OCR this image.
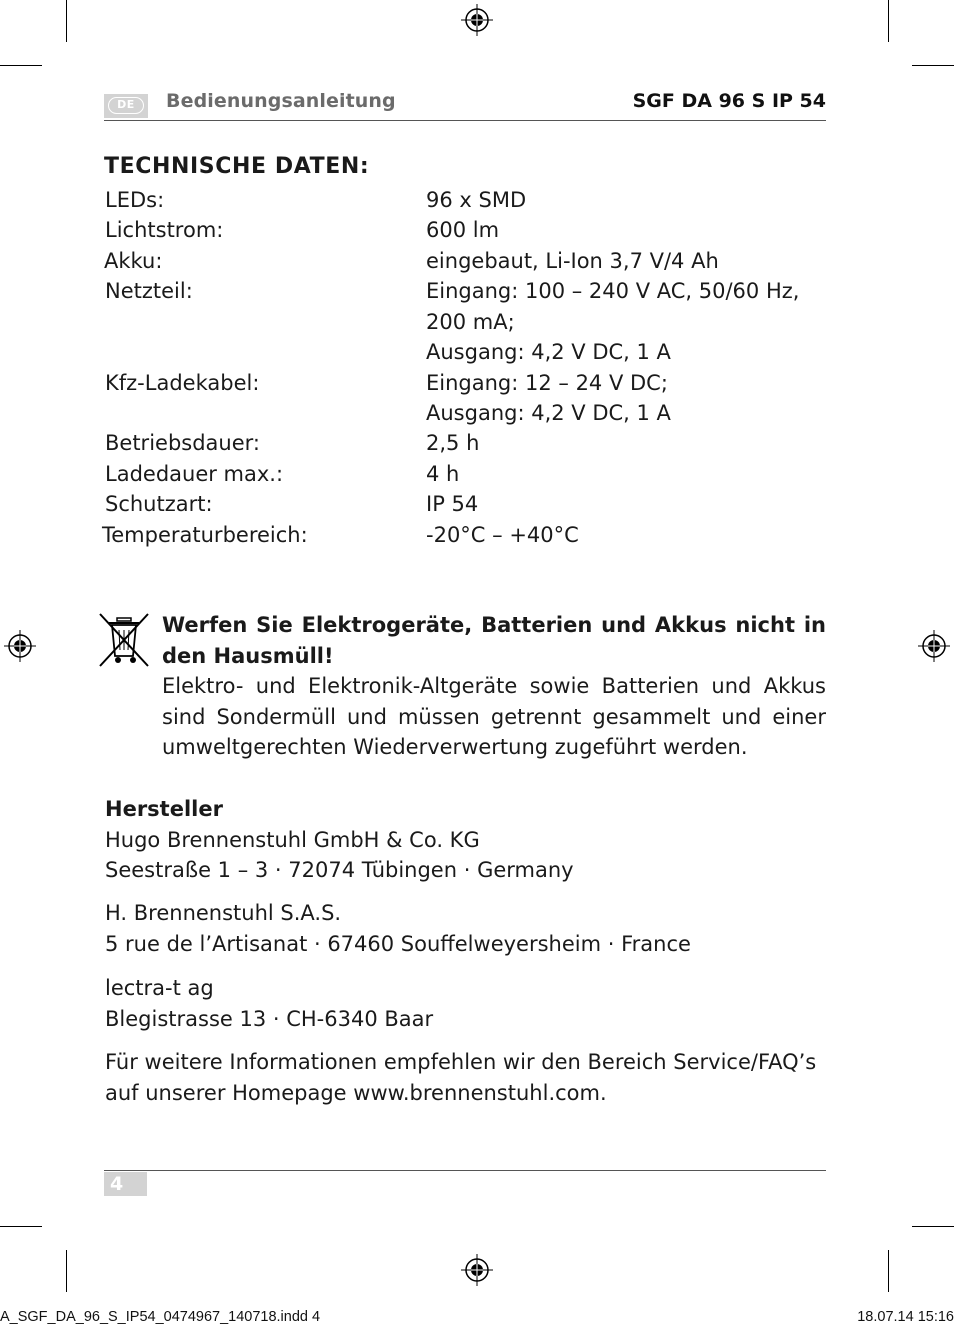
DE	Bedienungsanleitung	SGF DA 96 S IP 54
TECHNISCHE DATEN:
LEDs:	96 x SMD
Lichtstrom:	600 lm
Akku:	eingebaut, Li-Ion 3,7 V/4 Ah
Netzteil:	Eingang: 100 – 240 V AC, 50/60 Hz,
200 mA;
Ausgang: 4,2 V DC, 1 A
Kfz-Ladekabel:	Eingang: 12 – 24 V DC;
Ausgang: 4,2 V DC, 1 A
Betriebsdauer:	2,5 h
Ladedauer max.:	4 h
Schutzart:	IP 54
Temperaturbereich:	-20°C – +40°C
Werfen Sie Elektrogeräte, Batterien und Akkus nicht in den Hausmüll!
Elektro- und Elektronik-Altgeräte sowie Batterien und Akkus sind Sondermüll und müssen getrennt gesammelt und einer umweltgerechten Wiederverwertung zugeführt werden.
Hersteller
Hugo Brennenstuhl GmbH & Co. KG
Seestraße 1 – 3 · 72074 Tübingen · Germany
H. Brennenstuhl S.A.S.
5 rue de l’Artisanat · 67460 Souffelweyersheim · France
lectra-t ag
Blegistrasse 13 · CH-6340 Baar
Für weitere Informationen empfehlen wir den Bereich Service/FAQ’s
auf unserer Homepage www.brennenstuhl.com.
4
A_SGF_DA_96_S_IP54_0474967_140718.indd 4	18.07.14 15:16
